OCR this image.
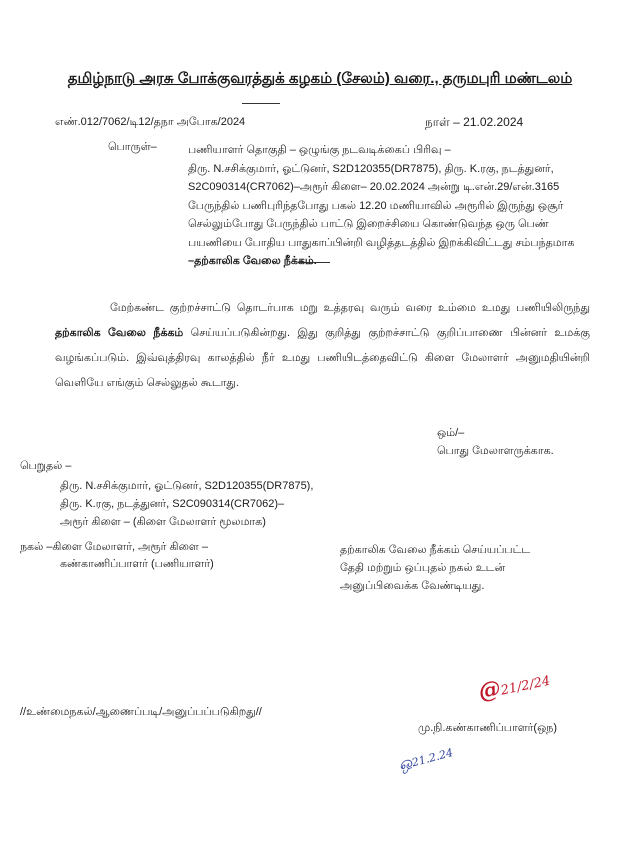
தமிழ்நாடு அரசு போக்குவரத்துக் கழகம் (சேலம்) வரை., தருமபுரி மண்டலம்
எண்.012/7062/டி12/தநா அபோக/2024	நாள் – 21.02.2024
பொருள்–	பணியாளர் தொகுதி – ஒழுங்கு நடவடிக்கைப் பிரிவு –
திரு. N.சசிக்குமார், ஓட்டுனர், S2D120355(DR7875), திரு. K.ரகு, நடத்துனர்,
S2C090314(CR7062)–அரூர் கிளை– 20.02.2024 அன்று டி.என்.29/என்.3165
பேருந்தில் பணிபுரிந்தபோது பகல் 12.20 மணியாவில் அரூரில் இருந்து ஒசூர்
செல்லும்போது பேருந்தில் பாட்டு இறைச்சியை கொண்டுவந்த ஒரு பெண்
பயணியை போதிய பாதுகாப்பின்றி வழித்தடத்தில் இறக்கிவிட்டது சம்பந்தமாக
–தற்காலிக வேலை நீக்கம்.
மேற்கண்ட குற்றச்சாட்டு தொடர்பாக மறு உத்தரவு வரும் வரை உம்மை உமது பணியிலிருந்து தற்காலிக வேலை நீக்கம் செய்யப்படுகின்றது. இது குறித்து குற்றச்சாட்டு குறிப்பாணை பின்னர் உமக்கு வழங்கப்படும். இவ்வுத்திரவு காலத்தில் நீர் உமது பணியிடத்தைவிட்டு கிளை மேலாளர் அனுமதியின்றி வெளியே எங்கும் செல்லுதல் கூடாது.
ஒம்/–
பொது மேலாளருக்காக.
பெறுதல் –
திரு. N.சசிக்குமார், ஓட்டுனர், S2D120355(DR7875),
திரு. K.ரகு, நடத்துனர், S2C090314(CR7062)–
அரூர் கிளை – (கிளை மேலாளர் மூலமாக)
நகல் –கிளை மேலாளர், அரூர் கிளை –
கண்காணிப்பாளர் (பணியாளர்)
தற்காலிக வேலை நீக்கம் செய்யப்பட்ட
தேதி மற்றும் ஒப்புதல் நகல் உடன்
அனுப்பிவைக்க வேண்டியது.
//உண்மைநகல்/ஆணைப்படி/அனுப்பப்படுகிறது//
@21/2/24
மு.நி.கண்காணிப்பாளர்(ஒந)
ஒ21.2.24
